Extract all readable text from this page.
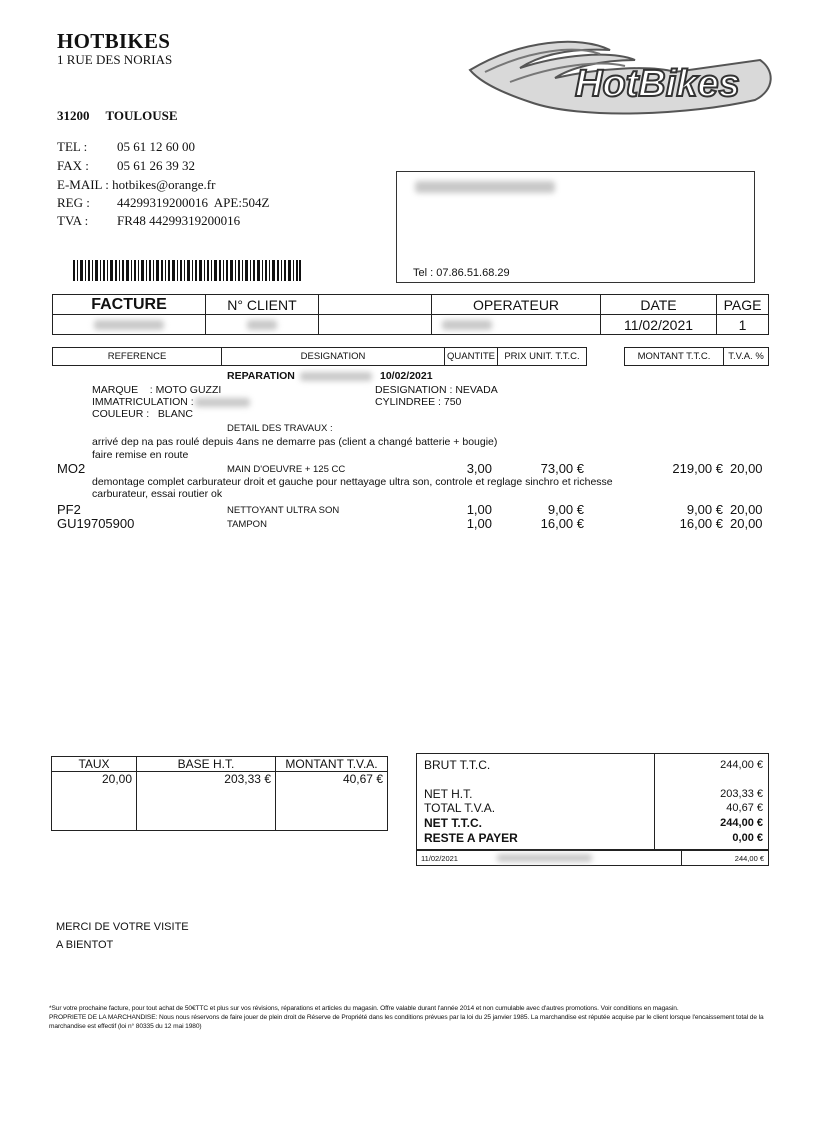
HOTBIKES
1 RUE DES NORIAS
31200 TOULOUSE
TEL : 05 61 12 60 00
FAX : 05 61 26 39 32
E-MAIL : hotbikes@orange.fr
REG : 44299319200016  APE:504Z
TVA : FR48 44299319200016
HotBikes
Tel : 07.86.51.68.29
FACTURE	N° CLIENT		OPERATEUR	DATE	PAGE
				11/02/2021	1
REFERENCE	DESIGNATION	QUANTITE	PRIX UNIT. T.T.C.		MONTANT T.T.C.	T.V.A. %
REPARATION	10/02/2021
MARQUE    : MOTO GUZZI
IMMATRICULATION :
COULEUR :   BLANC
DESIGNATION : NEVADA
CYLINDREE : 750
DETAIL DES TRAVAUX :
arrivé dep na pas roulé depuis 4ans ne demarre pas (client a changé batterie + bougie)
faire remise en route
MO2	MAIN D'OEUVRE + 125 CC	3,00	73,00 €	219,00 € 20,00
demontage complet carburateur droit et gauche pour nettayage ultra son, controle et reglage sinchro et richesse
carburateur, essai routier ok
PF2	NETTOYANT ULTRA SON	1,00	9,00 €	9,00 € 20,00
GU19705900	TAMPON	1,00	16,00 €	16,00 € 20,00
TAUX	BASE H.T.	MONTANT T.V.A.
20,00	203,33 €	40,67 €
BRUT T.T.C.	244,00 €
NET H.T.	203,33 €
TOTAL T.V.A.	40,67 €
NET T.T.C.	244,00 €
RESTE A PAYER	0,00 €
11/02/2021	244,00 €
MERCI DE VOTRE VISITE
A BIENTOT
*Sur votre prochaine facture, pour tout achat de 50€TTC et plus sur vos révisions, réparations et articles du magasin. Offre valable durant l'année 2014 et non cumulable avec d'autres promotions. Voir conditions en magasin.
PROPRIETE DE LA MARCHANDISE: Nous nous réservons de faire jouer de plein droit de Réserve de Propriété dans les conditions prévues par la loi du 25 janvier 1985. La marchandise est réputée acquise par le client lorsque l'encaissement total de la marchandise est effectif (loi n° 80335 du 12 mai 1980)
